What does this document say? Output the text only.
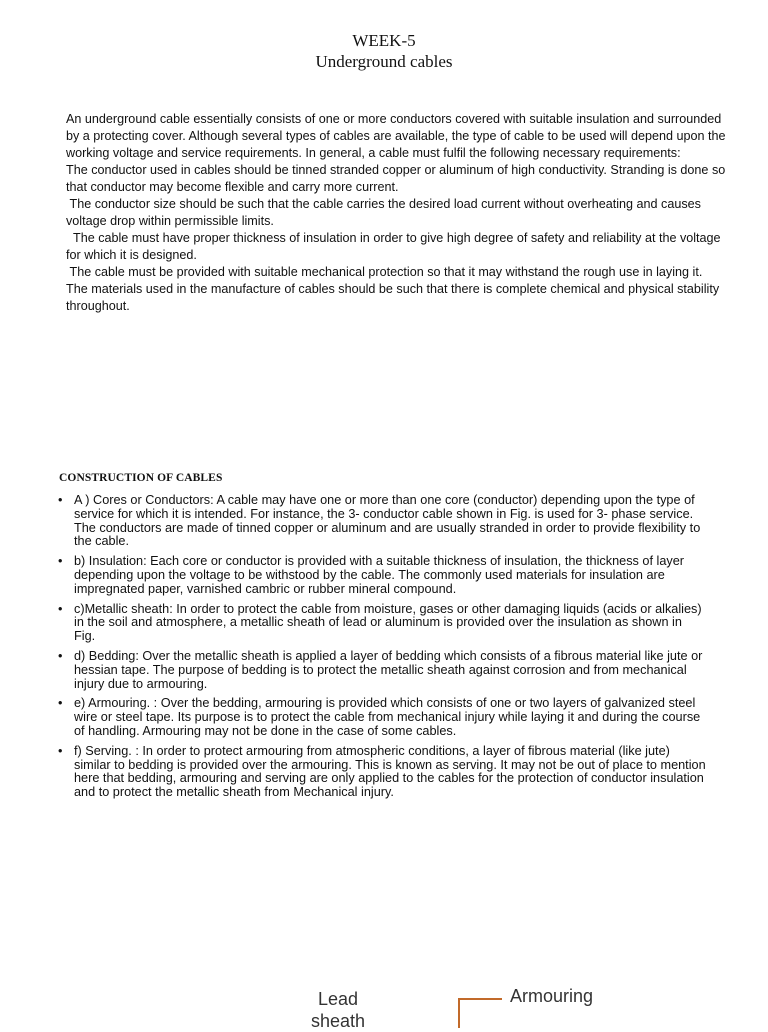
WEEK-5
Underground cables

An underground cable essentially consists of one or more conductors covered with suitable insulation and surrounded by a protecting cover. Although several types of cables are available, the type of cable to be used will depend upon the working voltage and service requirements. In general, a cable must fulfil the following necessary requirements:

The conductor used in cables should be tinned stranded copper or aluminum of high conductivity. Stranding is done so that conductor may become flexible and carry more current.

The conductor size should be such that the cable carries the desired load current without overheating and causes voltage drop within permissible limits.

The cable must have proper thickness of insulation in order to give high degree of safety and reliability at the voltage for which it is designed.

The cable must be provided with suitable mechanical protection so that it may withstand the rough use in laying it.

The materials used in the manufacture of cables should be such that there is complete chemical and physical stability throughout.

CONSTRUCTION OF CABLES
• A ) Cores or Conductors: A cable may have one or more than one core (conductor) depending upon the type of service for which it is intended. For instance, the 3- conductor cable shown in Fig. is used for 3- phase service. The conductors are made of tinned copper or aluminum and are usually stranded in order to provide flexibility to the cable.
• b) Insulation: Each core or conductor is provided with a suitable thickness of insulation, the thickness of layer depending upon the voltage to be withstood by the cable. The commonly used materials for insulation are impregnated paper, varnished cambric or rubber mineral compound.
• c)Metallic sheath: In order to protect the cable from moisture, gases or other damaging liquids (acids or alkalies) in the soil and atmosphere, a metallic sheath of lead or aluminum is provided over the insulation as shown in Fig.
• d) Bedding: Over the metallic sheath is applied a layer of bedding which consists of a fibrous material like jute or hessian tape. The purpose of bedding is to protect the metallic sheath against corrosion and from mechanical injury due to armouring.
• e) Armouring. : Over the bedding, armouring is provided which consists of one or two layers of galvanized steel wire or steel tape. Its purpose is to protect the cable from mechanical injury while laying it and during the course of handling. Armouring may not be done in the case of some cables.
• f) Serving. : In order to protect armouring from atmospheric conditions, a layer of fibrous material (like jute) similar to bedding is provided over the armouring. This is known as serving. It may not be out of place to mention here that bedding, armouring and serving are only applied to the cables for the protection of conductor insulation and to protect the metallic sheath from Mechanical injury.
Lead sheath
Armouring
